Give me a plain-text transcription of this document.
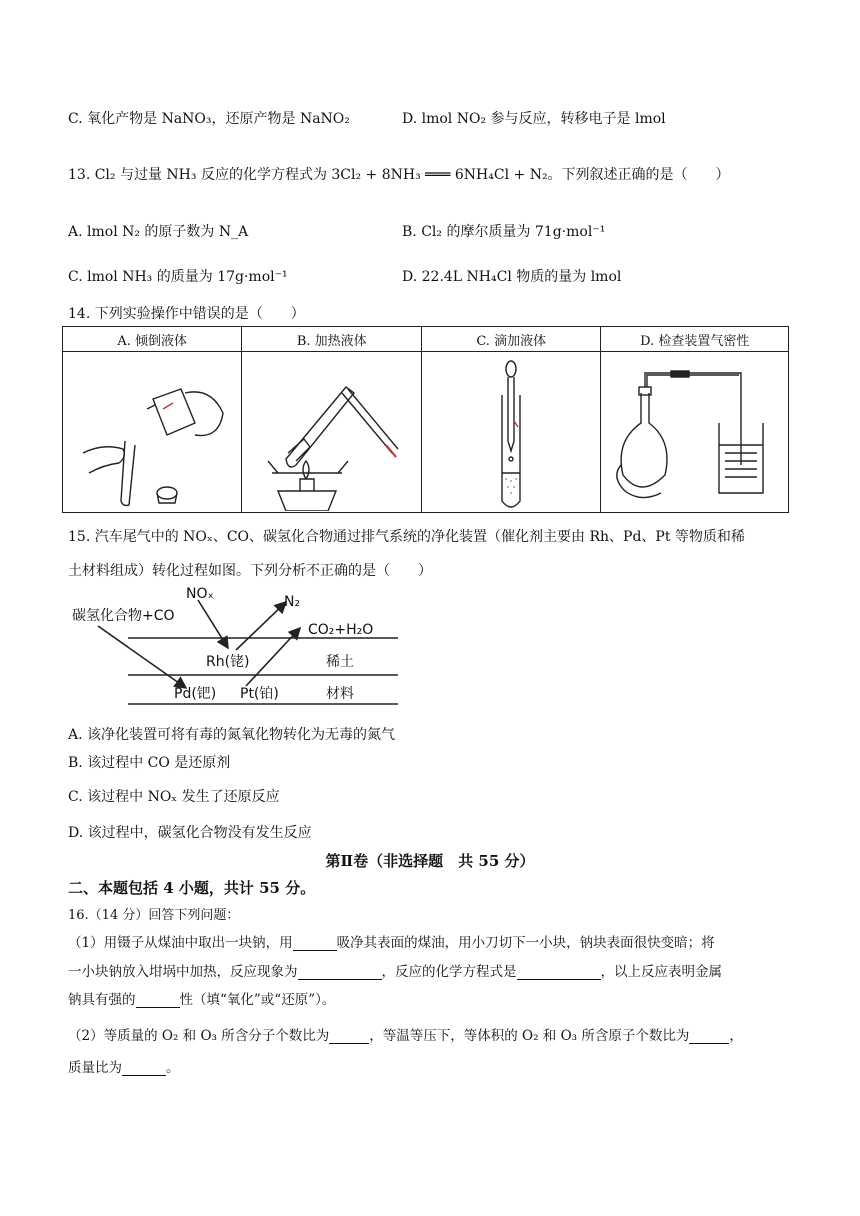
C. 氧化产物是 NaNO₃，还原产物是 NaNO₂	D. lmol NO₂ 参与反应，转移电子是 lmol
13. Cl₂ 与过量 NH₃ 反应的化学方程式为 3Cl₂ + 8NH₃ ═══ 6NH₄Cl + N₂。下列叙述正确的是（　　）
A. lmol N₂ 的原子数为 N_A	B. Cl₂ 的摩尔质量为 71g·mol⁻¹
C. lmol NH₃ 的质量为 17g·mol⁻¹	D. 22.4L NH₄Cl 物质的量为 lmol
14. 下列实验操作中错误的是（　　）
A. 倾倒液体	B. 加热液体	C. 滴加液体	D. 检查装置气密性

15. 汽车尾气中的 NOₓ、CO、碳氢化合物通过排气系统的净化装置（催化剂主要由 Rh、Pd、Pt 等物质和稀
土材料组成）转化过程如图。下列分析不正确的是（　　）
碳氢化合物+CO
NOₓ	N₂
CO₂+H₂O
Rh(铑)
Pd(钯) Pt(铂)
稀土
材料
A. 该净化装置可将有毒的氮氧化物转化为无毒的氮气
B. 该过程中 CO 是还原剂
C. 该过程中 NOₓ 发生了还原反应
D. 该过程中，碳氢化合物没有发生反应
第Ⅱ卷（非选择题　共 55 分）
二、本题包括 4 小题，共计 55 分。
16.（14 分）回答下列问题：
（1）用镊子从煤油中取出一块钠，用	吸净其表面的煤油，用小刀切下一小块，钠块表面很快变暗；将
一小块钠放入坩埚中加热，反应现象为	，反应的化学方程式是	，以上反应表明金属
钠具有强的	性（填“氧化”或“还原”）。
（2）等质量的 O₂ 和 O₃ 所含分子个数比为	，等温等压下，等体积的 O₂ 和 O₃ 所含原子个数比为	，
质量比为	。
